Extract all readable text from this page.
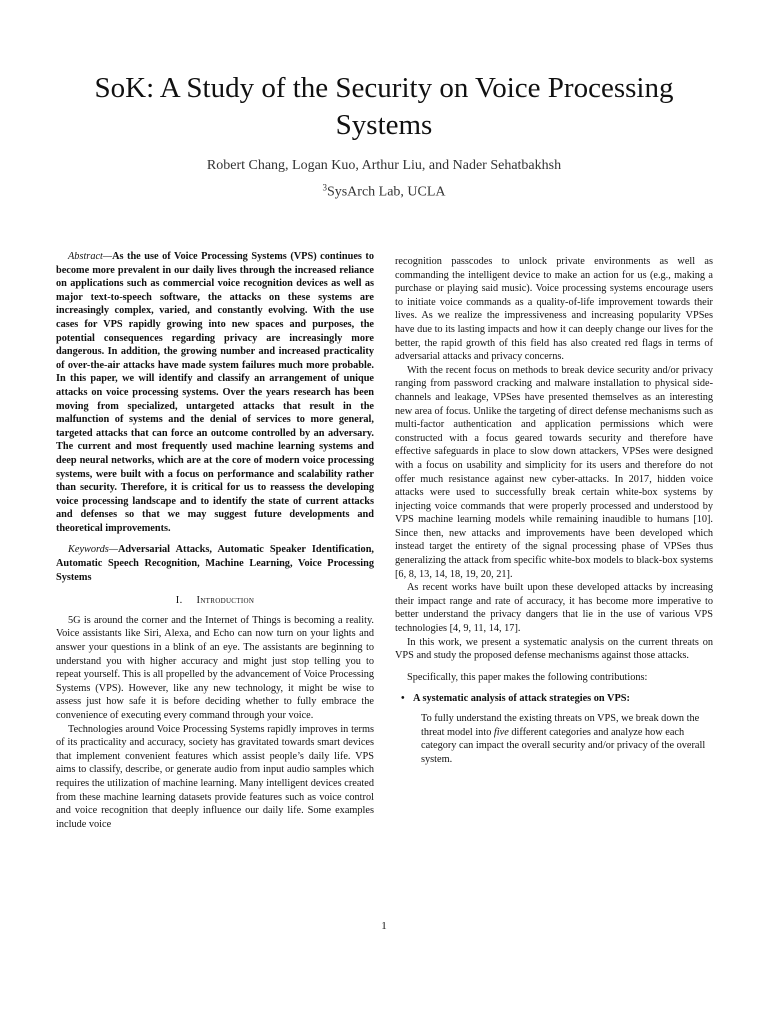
SoK: A Study of the Security on Voice Processing Systems
Robert Chang, Logan Kuo, Arthur Liu, and Nader Sehatbakhsh
$^3$SysArch Lab, UCLA

Abstract—As the use of Voice Processing Systems (VPS) continues to become more prevalent in our daily lives through the increased reliance on applications such as commercial voice recognition devices as well as major text-to-speech software, the attacks on these systems are increasingly complex, varied, and constantly evolving. With the use cases for VPS rapidly growing into new spaces and purposes, the potential consequences regarding privacy are increasingly more dangerous. In addition, the growing number and increased practicality of over-the-air attacks have made system failures much more probable. In this paper, we will identify and classify an arrangement of unique attacks on voice processing systems. Over the years research has been moving from specialized, untargeted attacks that result in the malfunction of systems and the denial of services to more general, targeted attacks that can force an outcome controlled by an adversary. The current and most frequently used machine learning systems and deep neural networks, which are at the core of modern voice processing systems, were built with a focus on performance and scalability rather than security. Therefore, it is critical for us to reassess the developing voice processing landscape and to identify the state of current attacks and defenses so that we may suggest future developments and theoretical improvements.

Keywords—Adversarial Attacks, Automatic Speaker Identification, Automatic Speech Recognition, Machine Learning, Voice Processing Systems

I. Introduction

5G is around the corner and the Internet of Things is becoming a reality. Voice assistants like Siri, Alexa, and Echo can now turn on your lights and answer your questions in a blink of an eye. The assistants are beginning to understand you with higher accuracy and might just stop telling you to repeat yourself. This is all propelled by the advancement of Voice Processing Systems (VPS). However, like any new technology, it might be wise to assess just how safe it is before deciding whether to fully embrace the convenience of executing every command through your voice.

Technologies around Voice Processing Systems rapidly improves in terms of its practicality and accuracy, society has gravitated towards smart devices that implement convenient features which assist people’s daily life. VPS aims to classify, describe, or generate audio from input audio samples which requires the utilization of machine learning. Many intelligent devices created from these machine learning datasets provide features such as voice control and voice recognition that deeply influence our daily life. Some examples include voice

recognition passcodes to unlock private environments as well as commanding the intelligent device to make an action for us (e.g., making a purchase or playing said music). Voice processing systems encourage users to initiate voice commands as a quality-of-life improvement towards their lives. As we realize the impressiveness and increasing popularity VPSes have due to its lasting impacts and how it can deeply change our lives for the better, the rapid growth of this field has also created red flags in terms of adversarial attacks and privacy concerns.

With the recent focus on methods to break device security and/or privacy ranging from password cracking and malware installation to physical side-channels and leakage, VPSes have presented themselves as an interesting new area of focus. Unlike the targeting of direct defense mechanisms such as multi-factor authentication and application permissions which were constructed with a focus geared towards security and therefore have effective safeguards in place to slow down attackers, VPSes were designed with a focus on usability and simplicity for its users and therefore do not offer much resistance against new cyber-attacks. In 2017, hidden voice attacks were used to successfully break certain white-box systems by injecting voice commands that were properly processed and understood by VPS machine learning models while remaining inaudible to humans [10]. Since then, new attacks and improvements have been developed which instead target the entirety of the signal processing phase of VPSes thus generalizing the attack from specific white-box models to black-box systems [6, 8, 13, 14, 18, 19, 20, 21].

As recent works have built upon these developed attacks by increasing their impact range and rate of accuracy, it has become more imperative to better understand the privacy dangers that lie in the use of various VPS technologies [4, 9, 11, 14, 17].

In this work, we present a systematic analysis on the current threats on VPS and study the proposed defense mechanisms against those attacks.

Specifically, this paper makes the following contributions:

• A systematic analysis of attack strategies on VPS:

To fully understand the existing threats on VPS, we break down the threat model into five different categories and analyze how each category can impact the overall security and/or privacy of the overall system.

1
